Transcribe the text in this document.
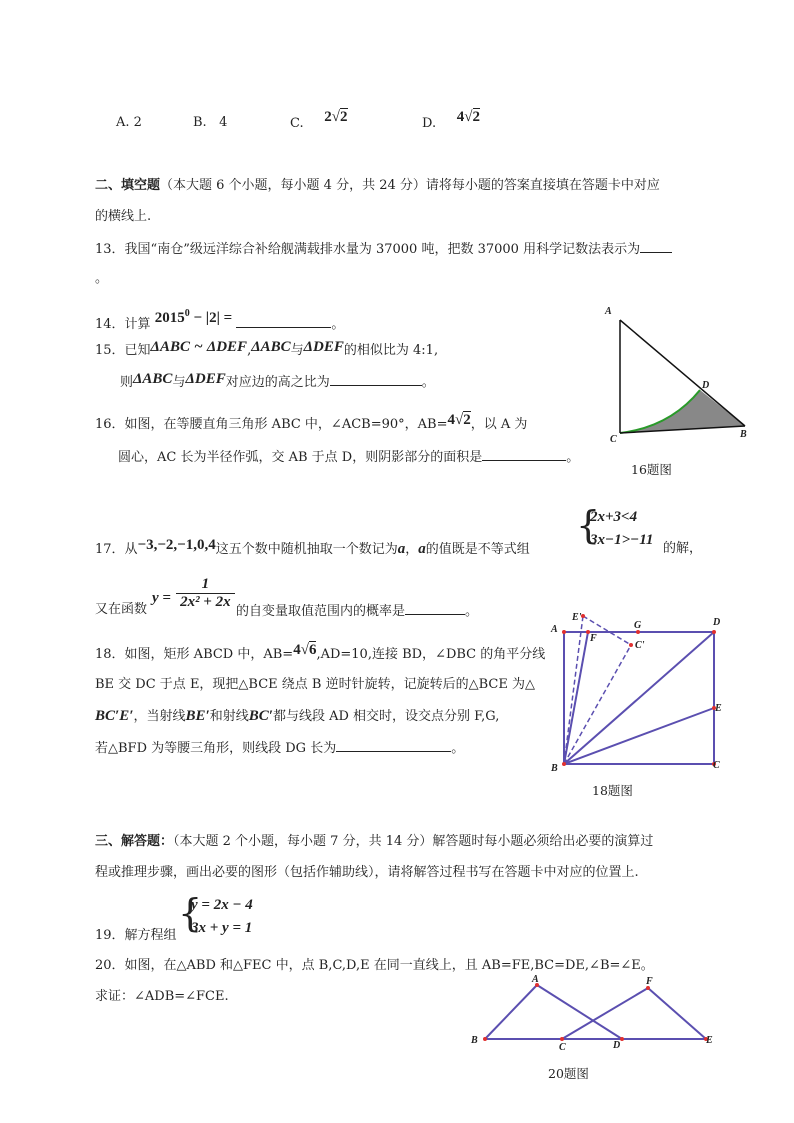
A. 2	B. 4	C. 2√2	D. 4√2
二、填空题（本大题 6 个小题，每小题 4 分，共 24 分）请将每小题的答案直接填在答题卡中对应
的横线上.
13．我国“南仓”级远洋综合补给舰满载排水量为 37000 吨，把数 37000 用科学记数法表示为
。
14．计算 $2015^0 - |2|$ =	。
15．已知ΔABC ~ ΔDEF,ΔABC与ΔDEF的相似比为 4:1,
则ΔABC与ΔDEF对应边的高之比为	。
16．如图，在等腰直角三角形 ABC 中，∠ACB=90°，AB=4√2，以 A 为
圆心，AC 长为半径作弧，交 AB 于点 D，则阴影部分的面积是	。
A
D
C	B
16题图
{
2x+3<4
3x−1>−11
17．从−3,−2,−1,0,4这五个数中随机抽取一个数记为a，a的值既是不等式组	的解，
$y = \frac{1}{\text{2x² + 2x}}$
又在函数	的自变量取值范围内的概率是	。
18．如图，矩形 ABCD 中，AB=4√6,AD=10,连接 BD，∠DBC 的角平分线
BE 交 DC 于点 E，现把△BCE 绕点 B 逆时针旋转，记旋转后的△BCE 为△
BC′E′，当射线BE′和射线BC′都与线段 AD 相交时，设交点分别 F,G,
若△BFD 为等腰三角形，则线段 DG 长为	。
A
E'
F
G
C'
D
E
B	C
18题图
三、解答题：（本大题 2 个小题，每小题 7 分，共 14 分）解答题时每小题必须给出必要的演算过
程或推理步骤，画出必要的图形（包括作辅助线），请将解答过程书写在答题卡中对应的位置上.
{
y = 2x − 4
3x + y = 1
19．解方程组
20．如图，在△ABD 和△FEC 中，点 B,C,D,E 在同一直线上，且 AB=FE,BC=DE,∠B=∠E。
求证：∠ADB=∠FCE.
A	F
B
C	D	E
20题图
